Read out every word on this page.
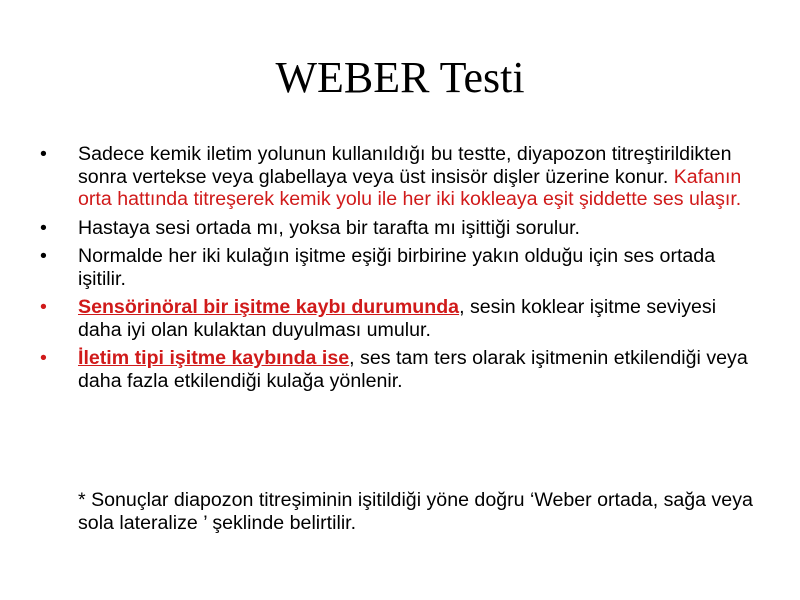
WEBER Testi
•	Sadece kemik iletim yolunun kullanıldığı bu testte, diyapozon titreştirildikten sonra vertekse veya glabellaya veya üst insisör dişler üzerine konur. Kafanın orta hattında titreşerek kemik yolu ile her iki kokleaya eşit şiddette ses ulaşır.
•	Hastaya sesi ortada mı, yoksa bir tarafta mı işittiği sorulur.
•	Normalde her iki kulağın işitme eşiği birbirine yakın olduğu için ses ortada işitilir.
•	Sensörinöral bir işitme kaybı durumunda, sesin koklear işitme seviyesi daha iyi olan kulaktan duyulması umulur.
•	İletim tipi işitme kaybında ise, ses tam ters olarak işitmenin etkilendiği veya daha fazla etkilendiği kulağa yönlenir.
* Sonuçlar diapozon titreşiminin işitildiği yöne doğru ‘Weber ortada, sağa veya sola lateralize ’ şeklinde belirtilir.
